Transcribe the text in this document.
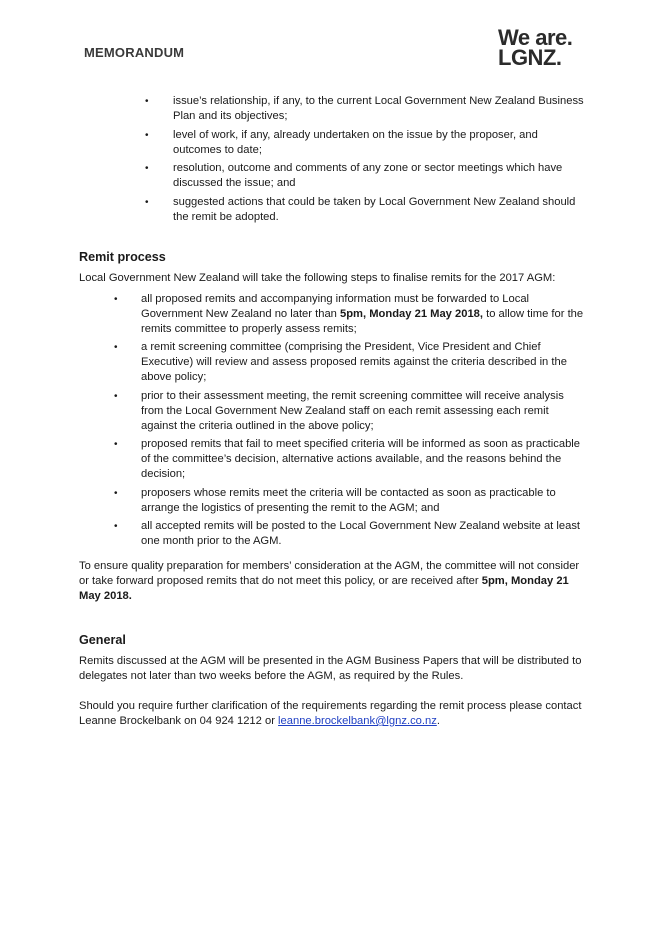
MEMORANDUM
We are.
LGNZ.
• issue’s relationship, if any, to the current Local Government New Zealand Business Plan and its objectives;
• level of work, if any, already undertaken on the issue by the proposer, and outcomes to date;
• resolution, outcome and comments of any zone or sector meetings which have discussed the issue; and
• suggested actions that could be taken by Local Government New Zealand should the remit be adopted.
Remit process

Local Government New Zealand will take the following steps to finalise remits for the 2017 AGM:

• all proposed remits and accompanying information must be forwarded to Local Government New Zealand no later than 5pm, Monday 21 May 2018, to allow time for the remits committee to properly assess remits;
• a remit screening committee (comprising the President, Vice President and Chief Executive) will review and assess proposed remits against the criteria described in the above policy;
• prior to their assessment meeting, the remit screening committee will receive analysis from the Local Government New Zealand staff on each remit assessing each remit against the criteria outlined in the above policy;
• proposed remits that fail to meet specified criteria will be informed as soon as practicable of the committee’s decision, alternative actions available, and the reasons behind the decision;
• proposers whose remits meet the criteria will be contacted as soon as practicable to arrange the logistics of presenting the remit to the AGM; and
• all accepted remits will be posted to the Local Government New Zealand website at least one month prior to the AGM.

To ensure quality preparation for members’ consideration at the AGM, the committee will not consider or take forward proposed remits that do not meet this policy, or are received after 5pm, Monday 21 May 2018.

General

Remits discussed at the AGM will be presented in the AGM Business Papers that will be distributed to delegates not later than two weeks before the AGM, as required by the Rules.

Should you require further clarification of the requirements regarding the remit process please contact Leanne Brockelbank on 04 924 1212 or leanne.brockelbank@lgnz.co.nz.
